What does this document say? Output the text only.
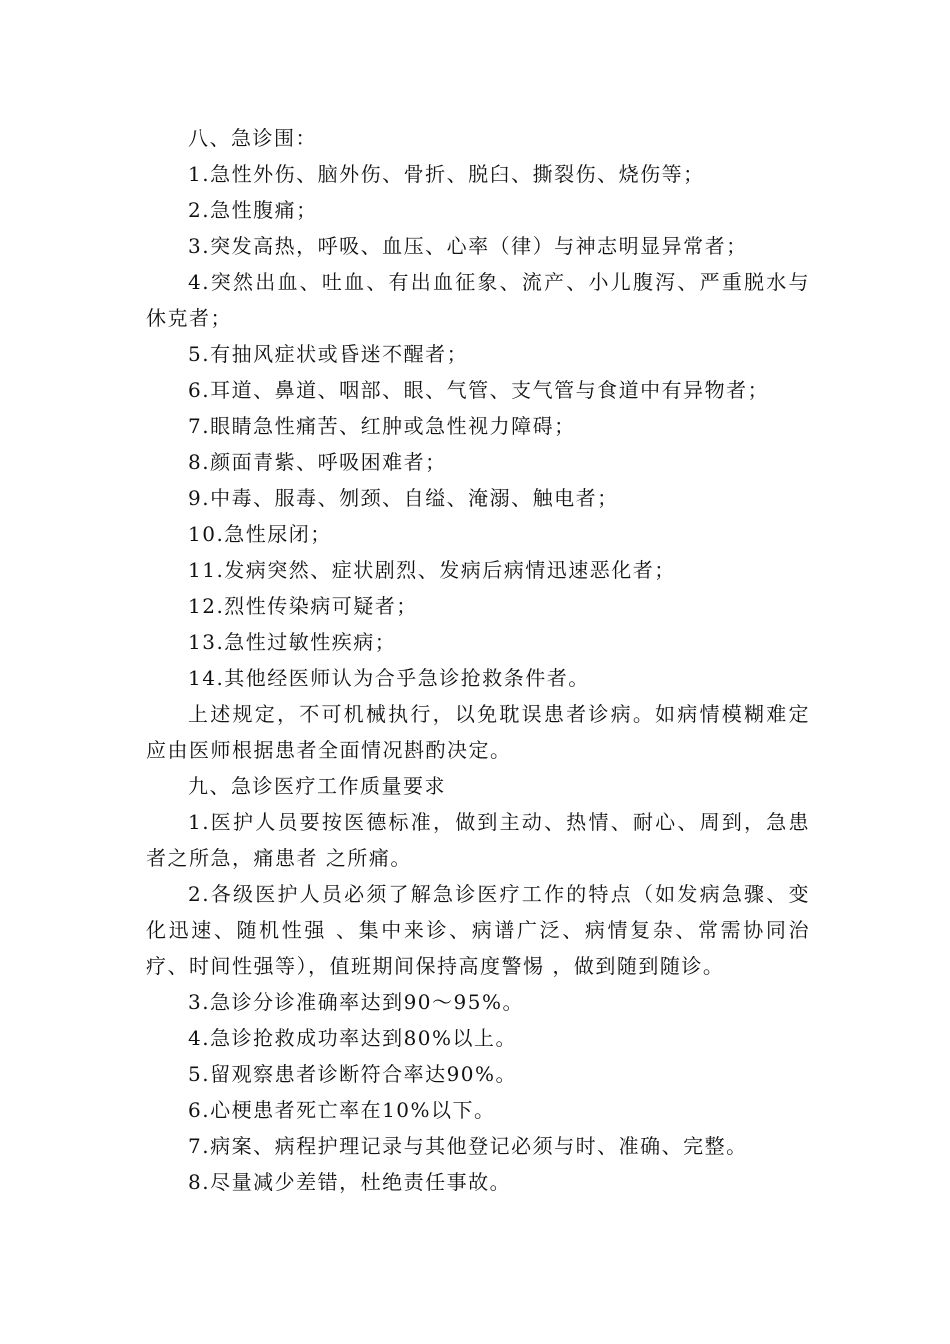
八、急诊围：

1.急性外伤、脑外伤、骨折、脱臼、撕裂伤、烧伤等；

2.急性腹痛；

3.突发高热，呼吸、血压、心率（律）与神志明显异常者；

4.突然出血、吐血、有出血征象、流产、小儿腹泻、严重脱水与休克者；

5.有抽风症状或昏迷不醒者；

6.耳道、鼻道、咽部、眼、气管、支气管与食道中有异物者；

7.眼睛急性痛苦、红肿或急性视力障碍；

8.颜面青紫、呼吸困难者；

9.中毒、服毒、刎颈、自缢、淹溺、触电者；

10.急性尿闭；

11.发病突然、症状剧烈、发病后病情迅速恶化者；

12.烈性传染病可疑者；

13.急性过敏性疾病；

14.其他经医师认为合乎急诊抢救条件者。

上述规定，不可机械执行，以免耽误患者诊病。如病情模糊难定应由医师根据患者全面情况斟酌决定。

九、急诊医疗工作质量要求

1.医护人员要按医德标准，做到主动、热情、耐心、周到，急患者之所急，痛患者 之所痛。

2.各级医护人员必须了解急诊医疗工作的特点（如发病急骤、变化迅速、随机性强 、集中来诊、病谱广泛、病情复杂、常需协同治疗、时间性强等），值班期间保持高度警惕 ，做到随到随诊。

3.急诊分诊准确率达到90～95%。

4.急诊抢救成功率达到80%以上。

5.留观察患者诊断符合率达90%。

6.心梗患者死亡率在10%以下。

7.病案、病程护理记录与其他登记必须与时、准确、完整。

8.尽量减少差错，杜绝责任事故。
